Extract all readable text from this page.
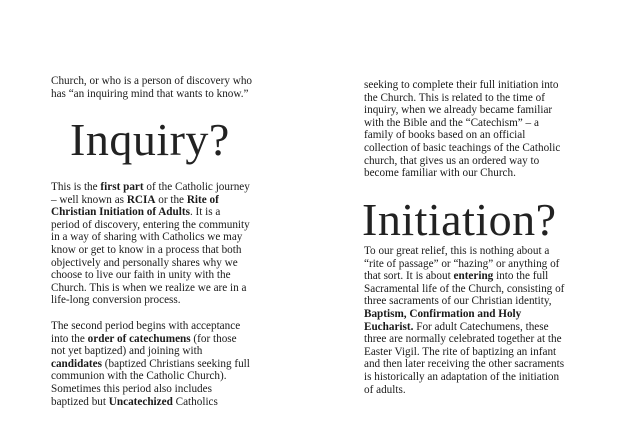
Church, or who is a person of discovery who

has “an inquiring mind that wants to know.”

Inquiry?

This is the first part of the Catholic journey

– well known as RCIA or the Rite of

Christian Initiation of Adults. It is a

period of discovery, entering the community

in a way of sharing with Catholics we may

know or get to know in a process that both

objectively and personally shares why we

choose to live our faith in unity with the

Church. This is when we realize we are in a

life-long conversion process.

The second period begins with acceptance

into the order of catechumens (for those

not yet baptized) and joining with

candidates (baptized Christians seeking full

communion with the Catholic Church).

Sometimes this period also includes

baptized but Uncatechized Catholics

seeking to complete their full initiation into

the Church. This is related to the time of

inquiry, when we already became familiar

with the Bible and the “Catechism” – a

family of books based on an official

collection of basic teachings of the Catholic

church, that gives us an ordered way to

become familiar with our Church.

Initiation?

To our great relief, this is nothing about a

“rite of passage” or “hazing” or anything of

that sort. It is about entering into the full

Sacramental life of the Church, consisting of

three sacraments of our Christian identity,

Baptism, Confirmation and Holy

Eucharist. For adult Catechumens, these

three are normally celebrated together at the

Easter Vigil. The rite of baptizing an infant

and then later receiving the other sacraments

is historically an adaptation of the initiation

of adults.
